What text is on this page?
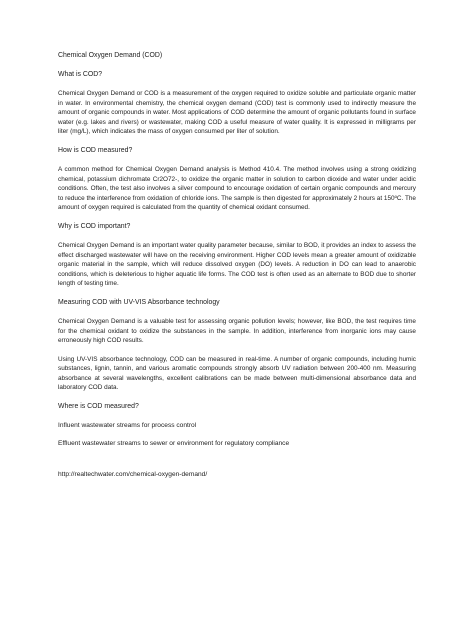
Chemical Oxygen Demand (COD)
What is COD?
Chemical Oxygen Demand or COD is a measurement of the oxygen required to oxidize soluble and particulate organic matter in water. In environmental chemistry, the chemical oxygen demand (COD) test is commonly used to indirectly measure the amount of organic compounds in water. Most applications of COD determine the amount of organic pollutants found in surface water (e.g. lakes and rivers) or wastewater, making COD a useful measure of water quality. It is expressed in milligrams per liter (mg/L), which indicates the mass of oxygen consumed per liter of solution.
How is COD measured?
A common method for Chemical Oxygen Demand analysis is Method 410.4. The method involves using a strong oxidizing chemical, potassium dichromate Cr2O72-, to oxidize the organic matter in solution to carbon dioxide and water under acidic conditions. Often, the test also involves a silver compound to encourage oxidation of certain organic compounds and mercury to reduce the interference from oxidation of chloride ions. The sample is then digested for approximately 2 hours at 150ºC. The amount of oxygen required is calculated from the quantity of chemical oxidant consumed.
Why is COD important?
Chemical Oxygen Demand is an important water quality parameter because, similar to BOD, it provides an index to assess the effect discharged wastewater will have on the receiving environment. Higher COD levels mean a greater amount of oxidizable organic material in the sample, which will reduce dissolved oxygen (DO) levels. A reduction in DO can lead to anaerobic conditions, which is deleterious to higher aquatic life forms. The COD test is often used as an alternate to BOD due to shorter length of testing time.
Measuring COD with UV-VIS Absorbance technology
Chemical Oxygen Demand is a valuable test for assessing organic pollution levels; however, like BOD, the test requires time for the chemical oxidant to oxidize the substances in the sample. In addition, interference from inorganic ions may cause erroneously high COD results.
Using UV-VIS absorbance technology, COD can be measured in real-time. A number of organic compounds, including humic substances, lignin, tannin, and various aromatic compounds strongly absorb UV radiation between 200-400 nm. Measuring absorbance at several wavelengths, excellent calibrations can be made between multi-dimensional absorbance data and laboratory COD data.
Where is COD measured?
Influent wastewater streams for process control
Effluent wastewater streams to sewer or environment for regulatory compliance
http://realtechwater.com/chemical-oxygen-demand/
